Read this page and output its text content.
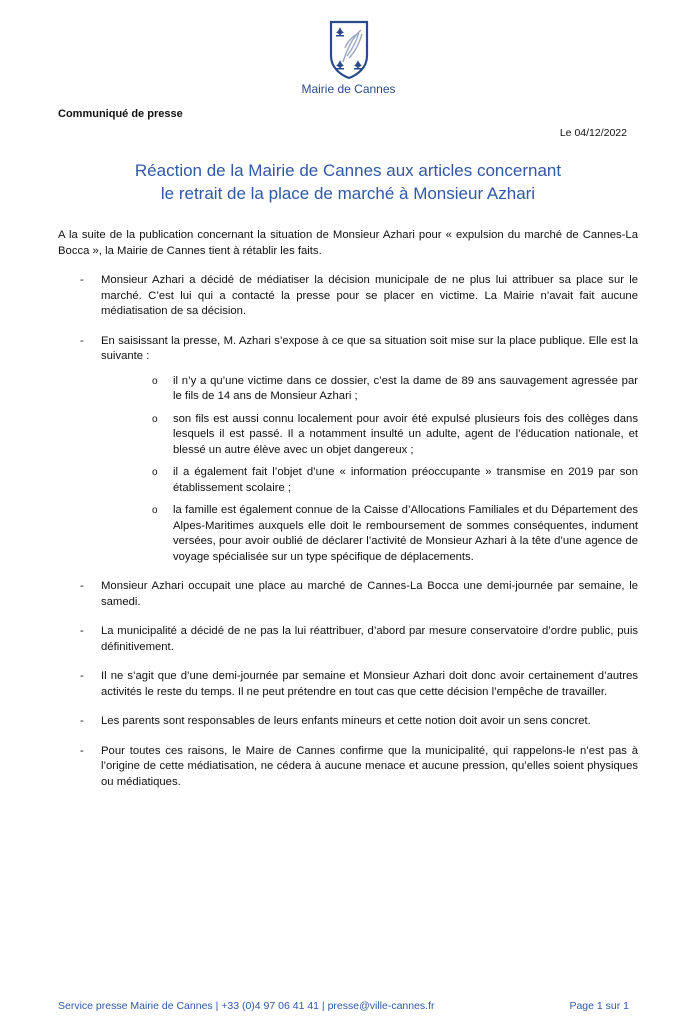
Mairie de Cannes

Communiqué de presse

Le 04/12/2022

Réaction de la Mairie de Cannes aux articles concernant
le retrait de la place de marché à Monsieur Azhari

A la suite de la publication concernant la situation de Monsieur Azhari pour « expulsion du marché de Cannes-La Bocca », la Mairie de Cannes tient à rétablir les faits.

- Monsieur Azhari a décidé de médiatiser la décision municipale de ne plus lui attribuer sa place sur le marché. C’est lui qui a contacté la presse pour se placer en victime. La Mairie n’avait fait aucune médiatisation de sa décision.
- En saisissant la presse, M. Azhari s’expose à ce que sa situation soit mise sur la place publique. Elle est la suivante :
o il n’y a qu’une victime dans ce dossier, c’est la dame de 89 ans sauvagement agressée par le fils de 14 ans de Monsieur Azhari ;
o son fils est aussi connu localement pour avoir été expulsé plusieurs fois des collèges dans lesquels il est passé. Il a notamment insulté un adulte, agent de l’éducation nationale, et blessé un autre élève avec un objet dangereux ;
o il a également fait l’objet d’une « information préoccupante » transmise en 2019 par son établissement scolaire ;
o la famille est également connue de la Caisse d’Allocations Familiales et du Département des Alpes-Maritimes auxquels elle doit le remboursement de sommes conséquentes, indument versées, pour avoir oublié de déclarer l’activité de Monsieur Azhari à la tête d’une agence de voyage spécialisée sur un type spécifique de déplacements.
- Monsieur Azhari occupait une place au marché de Cannes-La Bocca une demi-journée par semaine, le samedi.
- La municipalité a décidé de ne pas la lui réattribuer, d’abord par mesure conservatoire d’ordre public, puis définitivement.
- Il ne s’agit que d’une demi-journée par semaine et Monsieur Azhari doit donc avoir certainement d’autres activités le reste du temps. Il ne peut prétendre en tout cas que cette décision l’empêche de travailler.
- Les parents sont responsables de leurs enfants mineurs et cette notion doit avoir un sens concret.
- Pour toutes ces raisons, le Maire de Cannes confirme que la municipalité, qui rappelons-le n’est pas à l’origine de cette médiatisation, ne cédera à aucune menace et aucune pression, qu’elles soient physiques ou médiatiques.
Service presse Mairie de Cannes | +33 (0)4 97 06 41 41 | presse@ville-cannes.fr	Page 1 sur 1
